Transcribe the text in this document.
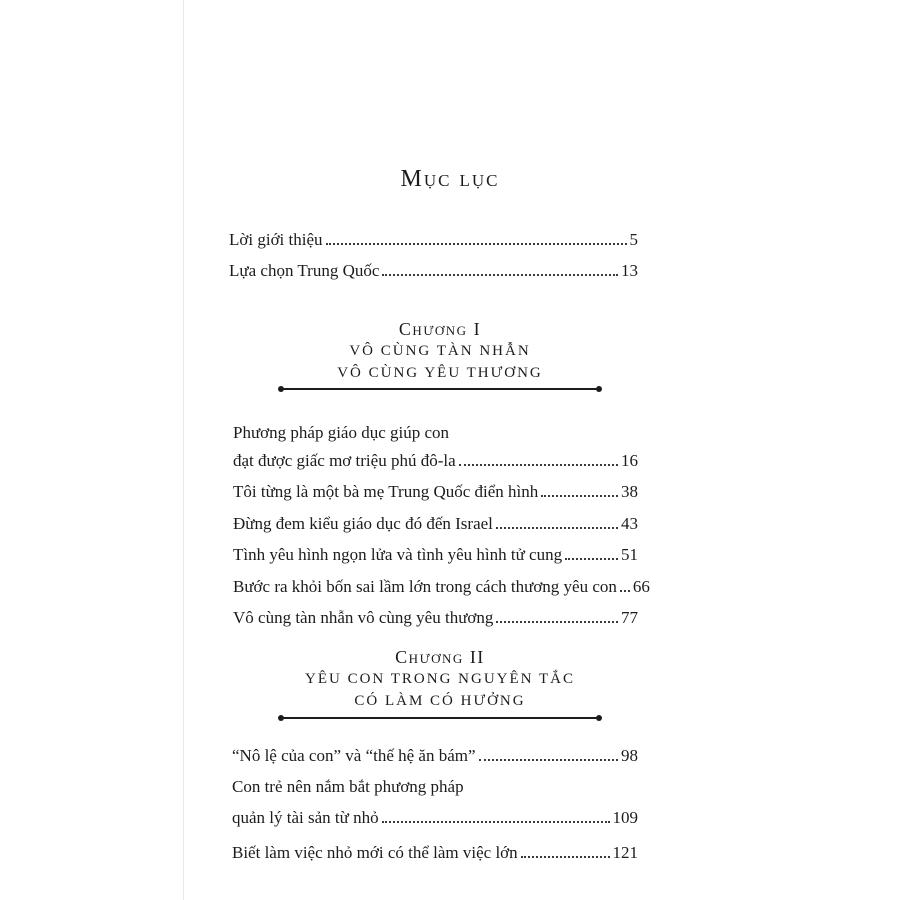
Mục lục
Lời giới thiệu	5
Lựa chọn Trung Quốc	13

Chương I

VÔ CÙNG TÀN NHẪN

VÔ CÙNG YÊU THƯƠNG

Phương pháp giáo dục giúp con
đạt được giấc mơ triệu phú đô-la	16
Tôi từng là một bà mẹ Trung Quốc điển hình	38
Đừng đem kiểu giáo dục đó đến Israel	43
Tình yêu hình ngọn lửa và tình yêu hình tử cung	51
Bước ra khỏi bốn sai lầm lớn trong cách thương yêu con 66
Vô cùng tàn nhẫn vô cùng yêu thương	77

Chương II

YÊU CON TRONG NGUYÊN TẮC

CÓ LÀM CÓ HƯỞNG

“Nô lệ của con” và “thế hệ ăn bám”	98
Con trẻ nên nắm bắt phương pháp
quản lý tài sản từ nhỏ	109
Biết làm việc nhỏ mới có thể làm việc lớn	121
